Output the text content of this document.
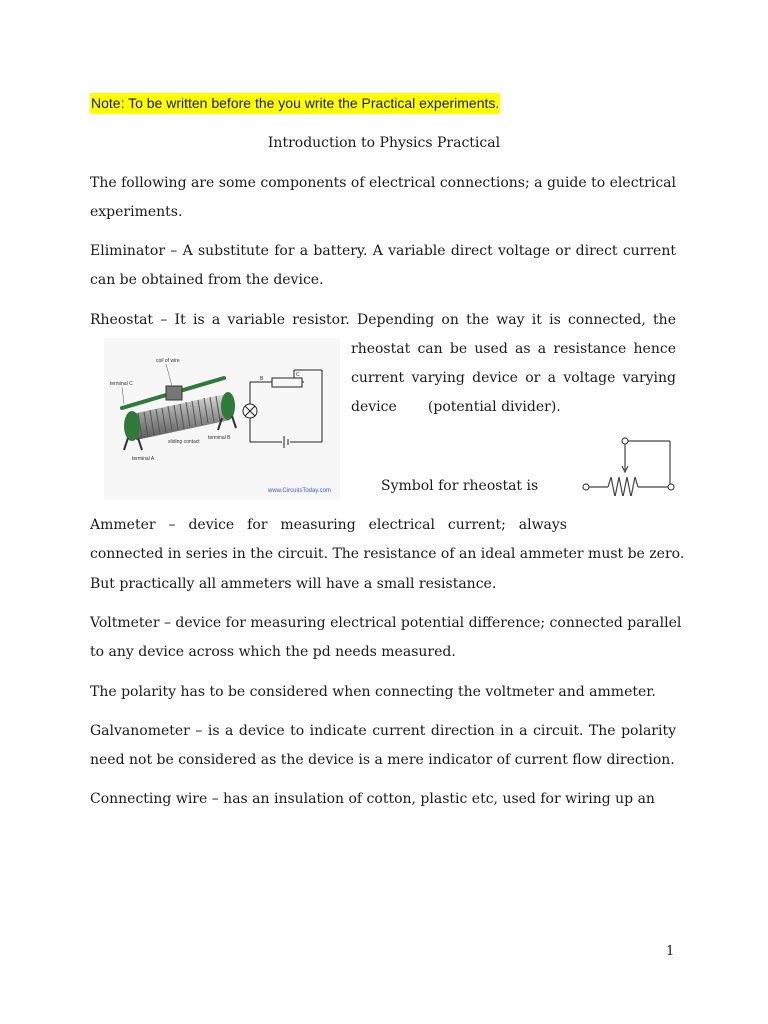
Note: To be written before the you write the Practical experiments.
Introduction to Physics Practical
The following are some components of electrical connections; a guide to electrical
experiments.
Eliminator – A substitute for a battery. A variable direct voltage or direct current
can be obtained from the device.
Rheostat – It is a variable resistor. Depending on the way it is connected, the
rheostat can be used as a resistance hence
current varying device or a voltage varying
device       (potential divider).
coil of wire
terminal C
terminal B
sliding contact
terminal A
B
C
www.CircuitsToday.com	Symbol for rheostat is
Ammeter – device for measuring electrical current; always
connected in series in the circuit. The resistance of an ideal ammeter must be zero.
But practically all ammeters will have a small resistance.
Voltmeter – device for measuring electrical potential difference; connected parallel
to any device across which the pd needs measured.
The polarity has to be considered when connecting the voltmeter and ammeter.
Galvanometer – is a device to indicate current direction in a circuit. The polarity
need not be considered as the device is a mere indicator of current flow direction.
Connecting wire – has an insulation of cotton, plastic etc, used for wiring up an
1
